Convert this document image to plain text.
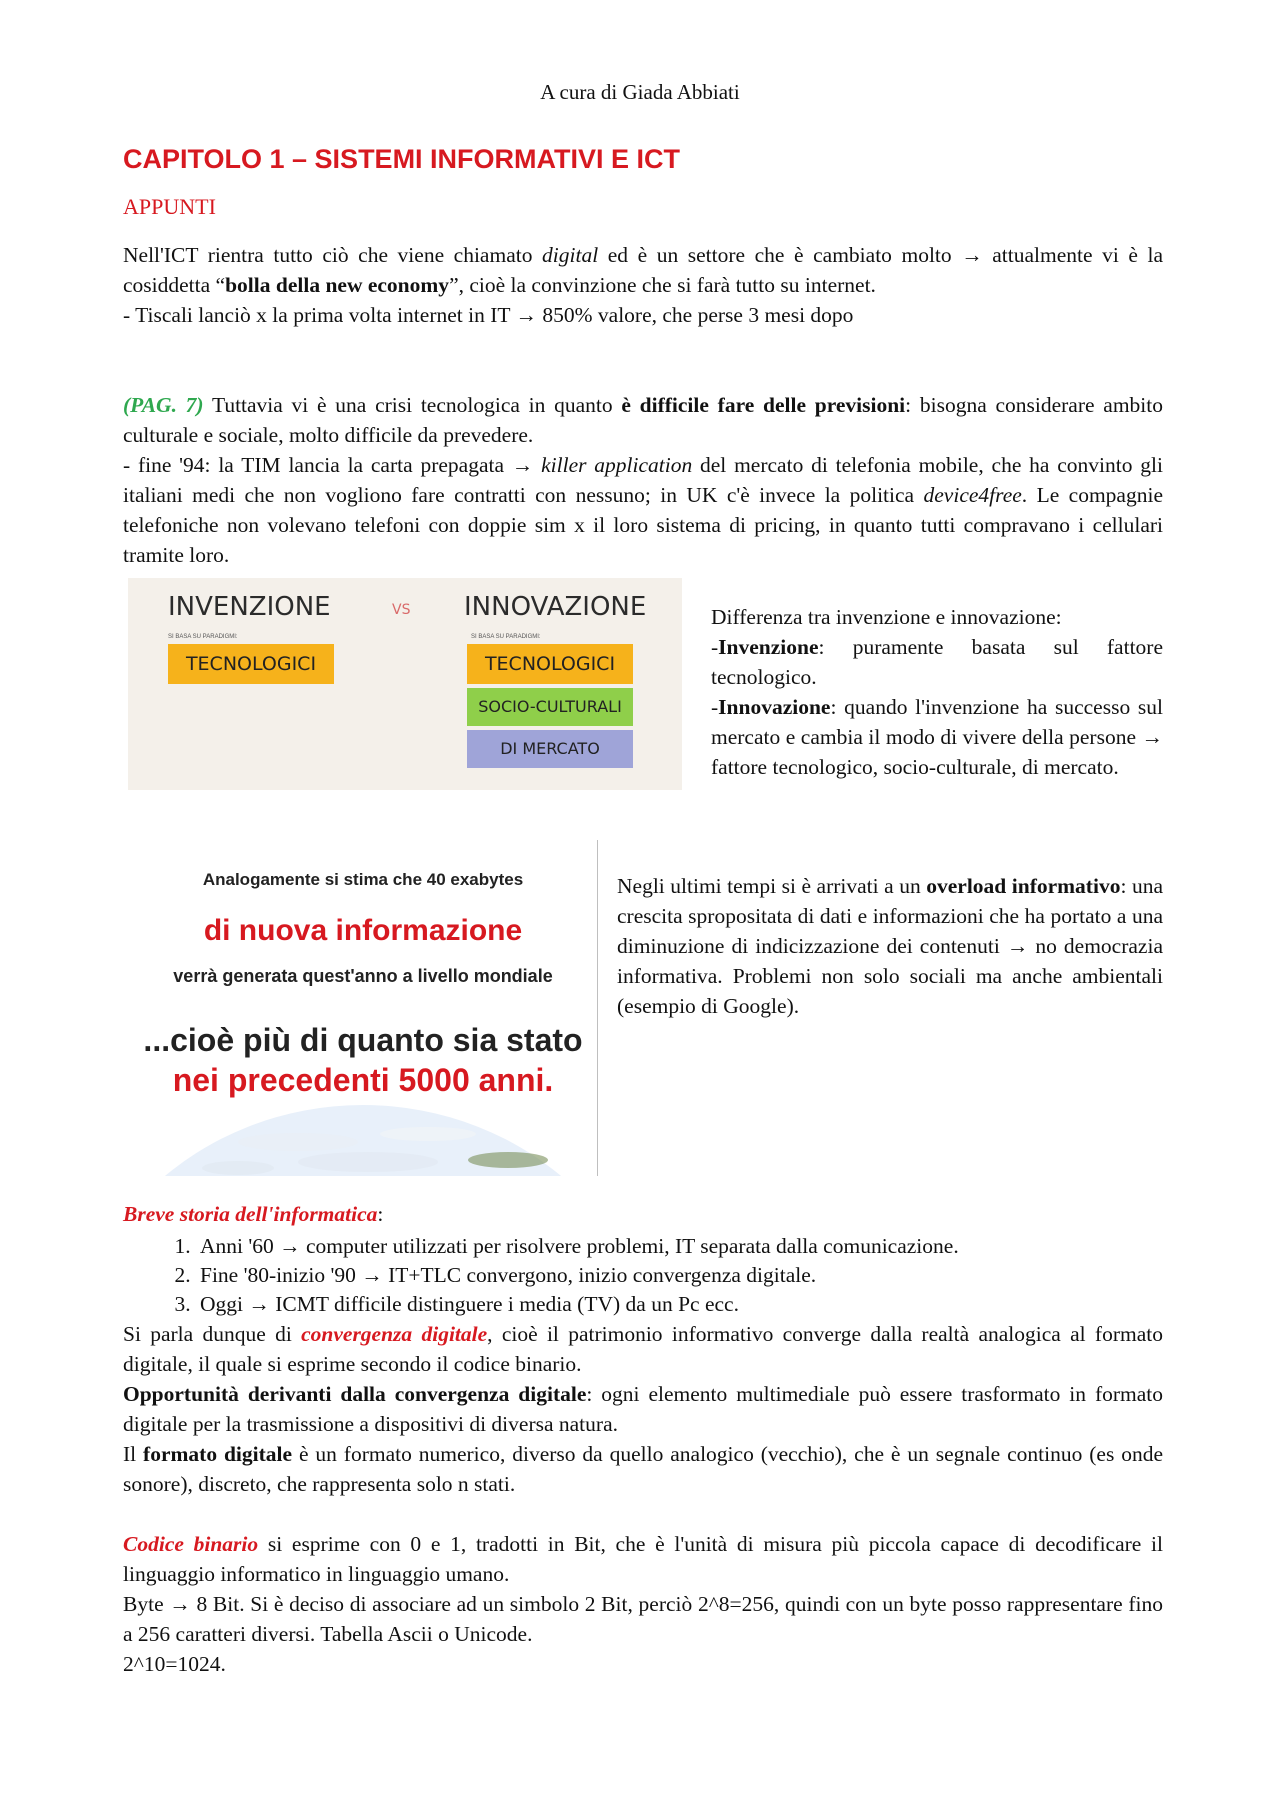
A cura di Giada Abbiati
CAPITOLO 1 – SISTEMI INFORMATIVI E ICT
APPUNTI

Nell'ICT rientra tutto ciò che viene chiamato digital ed è un settore che è cambiato molto → attualmente vi è la cosiddetta “bolla della new economy”, cioè la convinzione che si farà tutto su internet.

- Tiscali lanciò x la prima volta internet in IT → 850% valore, che perse 3 mesi dopo

(PAG. 7) Tuttavia vi è una crisi tecnologica in quanto è difficile fare delle previsioni: bisogna considerare ambito culturale e sociale, molto difficile da prevedere.

- fine '94: la TIM lancia la carta prepagata → killer application del mercato di telefonia mobile, che ha convinto gli italiani medi che non vogliono fare contratti con nessuno; in UK c'è invece la politica device4free. Le compagnie telefoniche non volevano telefoni con doppie sim x il loro sistema di pricing, in quanto tutti compravano i cellulari tramite loro.

INVENZIONE	VS INNOVAZIONE
SI BASA SU PARADIGMI:	SI BASA SU PARADIGMI:
TECNOLOGICI	TECNOLOGICI
SOCIO-CULTURALI
DI MERCATO

Differenza tra invenzione e innovazione:

-Invenzione: puramente basata sul fattore tecnologico.

-Innovazione: quando l'invenzione ha successo sul mercato e cambia il modo di vivere della persone → fattore tecnologico, socio-culturale, di mercato.

Analogamente si stima che 40 exabytes
di nuova informazione
verrà generata quest'anno a livello mondiale
...cioè più di quanto sia stato
nei precedenti 5000 anni.

Negli ultimi tempi si è arrivati a un overload informativo: una crescita spropositata di dati e informazioni che ha portato a una diminuzione di indicizzazione dei contenuti → no democrazia informativa. Problemi non solo sociali ma anche ambientali (esempio di Google).

Breve storia dell'informatica:

1. Anni '60 → computer utilizzati per risolvere problemi, IT separata dalla comunicazione.
2. Fine '80-inizio '90 → IT+TLC convergono, inizio convergenza digitale.
3. Oggi → ICMT difficile distinguere i media (TV) da un Pc ecc.

Si parla dunque di convergenza digitale, cioè il patrimonio informativo converge dalla realtà analogica al formato digitale, il quale si esprime secondo il codice binario.

Opportunità derivanti dalla convergenza digitale: ogni elemento multimediale può essere trasformato in formato digitale per la trasmissione a dispositivi di diversa natura.

Il formato digitale è un formato numerico, diverso da quello analogico (vecchio), che è un segnale continuo (es onde sonore), discreto, che rappresenta solo n stati.

Codice binario si esprime con 0 e 1, tradotti in Bit, che è l'unità di misura più piccola capace di decodificare il linguaggio informatico in linguaggio umano.

Byte → 8 Bit. Si è deciso di associare ad un simbolo 2 Bit, perciò 2^8=256, quindi con un byte posso rappresentare fino a 256 caratteri diversi. Tabella Ascii o Unicode.

2^10=1024.
